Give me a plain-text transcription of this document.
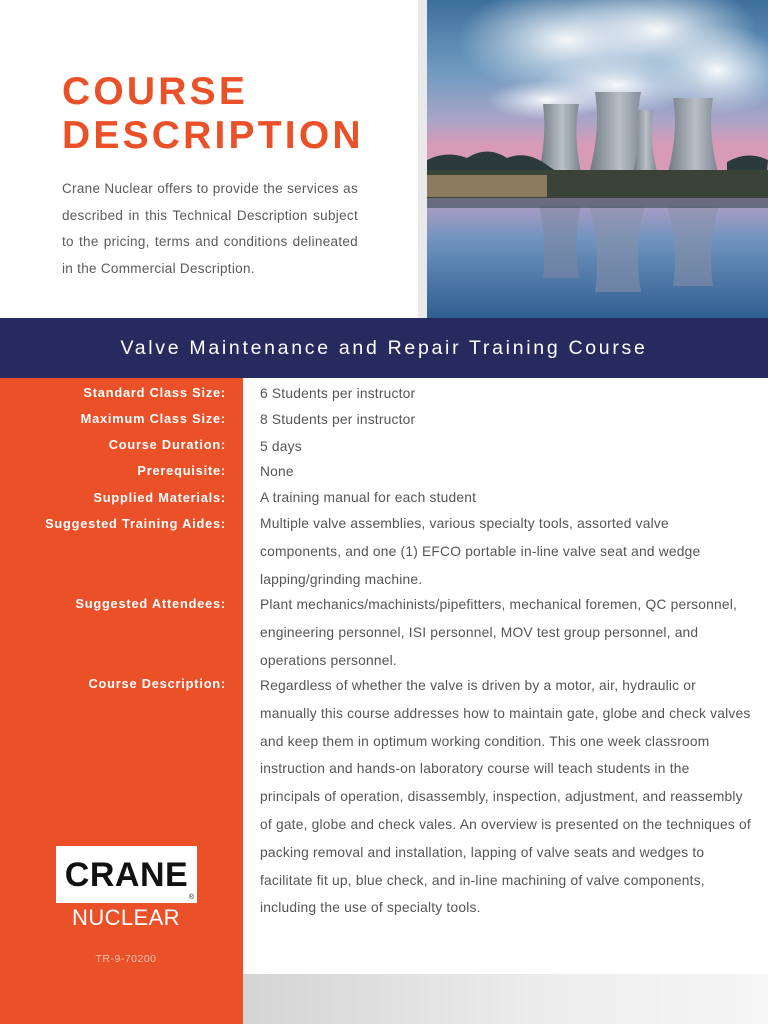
COURSE
DESCRIPTION

Crane Nuclear offers to provide the services as described in this Technical Description subject to the pricing, terms and conditions delineated in the Commercial Description.

Valve Maintenance and Repair Training Course
Standard Class Size:
Maximum Class Size:
Course Duration:
Prerequisite:
Supplied Materials:
Suggested Training Aides:
Suggested Attendees:
Course Description:
CRANE
®
NUCLEAR
TR-9-70200
6 Students per instructor
8 Students per instructor
5 days
None
A training manual for each student
Multiple valve assemblies, various specialty tools, assorted valve components, and one (1) EFCO portable in-line valve seat and wedge lapping/grinding machine.
Plant mechanics/machinists/pipefitters, mechanical foremen, QC personnel, engineering personnel, ISI personnel, MOV test group personnel, and operations personnel.
Regardless of whether the valve is driven by a motor, air, hydraulic or manually this course addresses how to maintain gate, globe and check valves and keep them in optimum working condition. This one week classroom instruction and hands-on laboratory course will teach students in the principals of operation, disassembly, inspection, adjustment, and reassembly of gate, globe and check vales. An overview is presented on the techniques of packing removal and installation, lapping of valve seats and wedges to facilitate fit up, blue check, and in-line machining of valve components, including the use of specialty tools.
